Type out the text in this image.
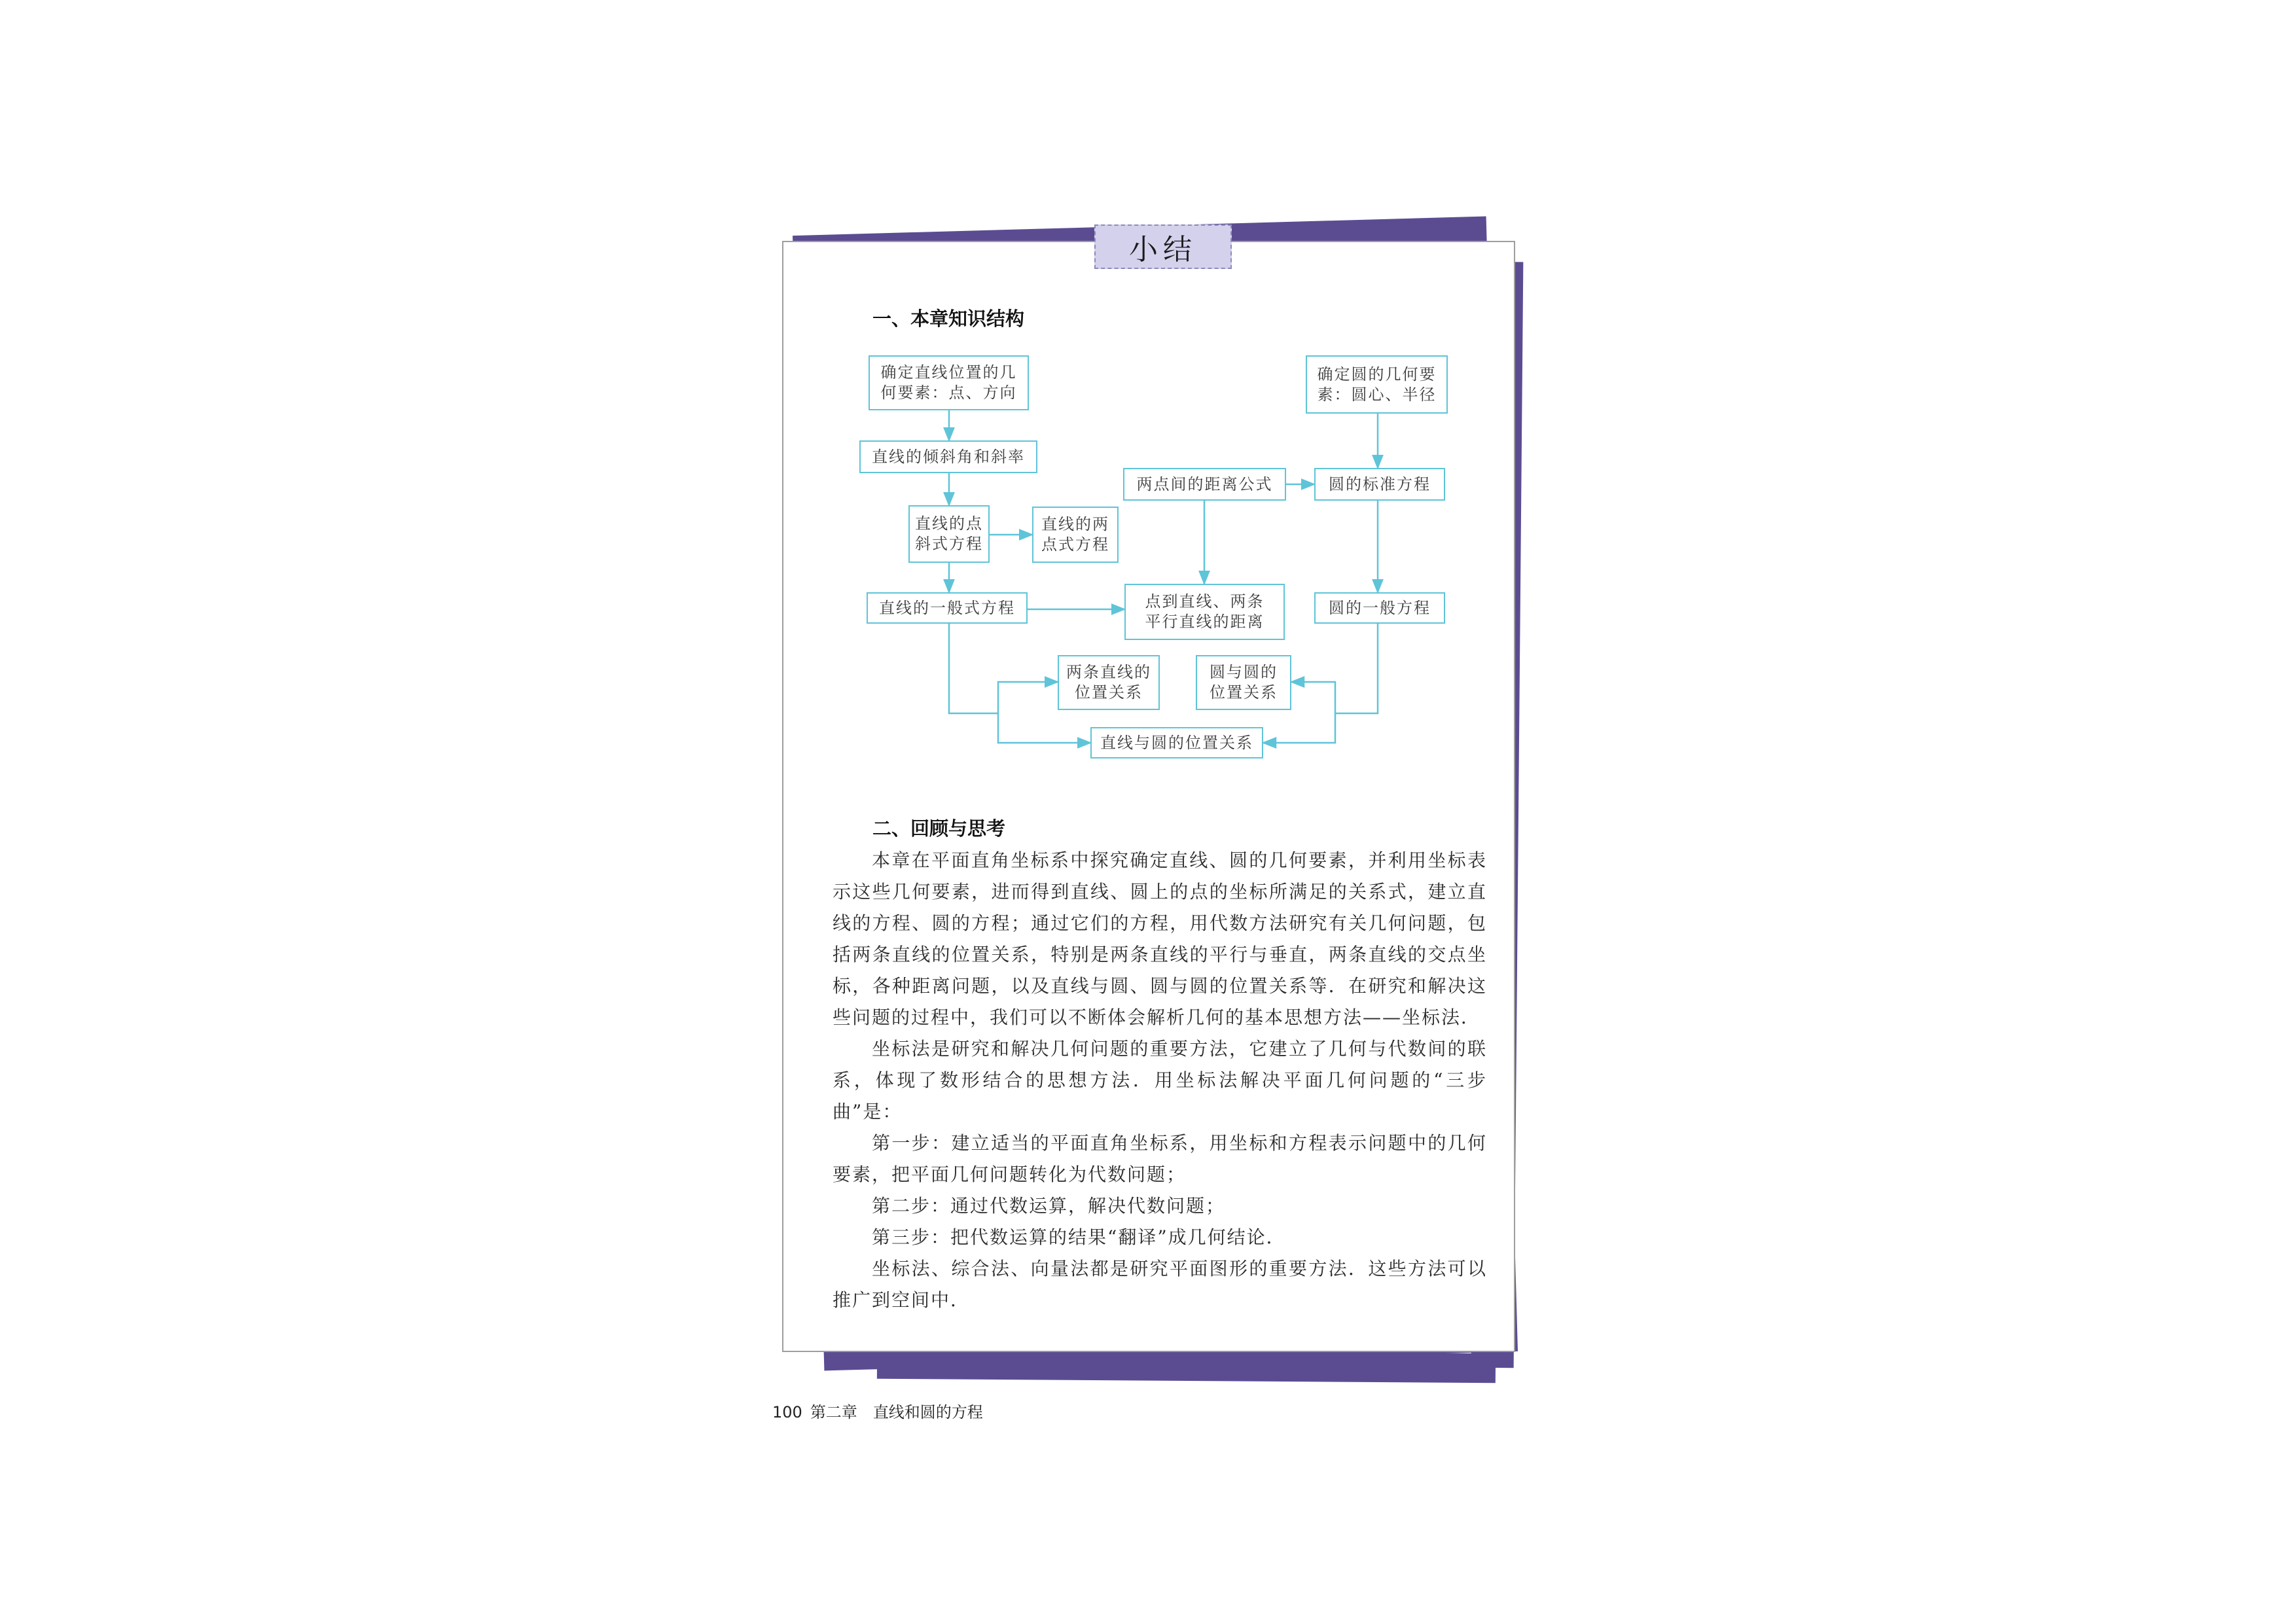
小结
一、本章知识结构
确定直线位置的几
何要素：点、方向
直线的倾斜角和斜率
直线的点
斜式方程
直线的两
点式方程
直线的一般式方程
两点间的距离公式
点到直线、两条
平行直线的距离
确定圆的几何要
素：圆心、半径
圆的标准方程
圆的一般方程
两条直线的
位置关系
圆与圆的
位置关系
直线与圆的位置关系
二、回顾与思考

本章在平面直角坐标系中探究确定直线、圆的几何要素，并利用坐标表示这些几何要素，进而得到直线、圆上的点的坐标所满足的关系式，建立直线的方程、圆的方程；通过它们的方程，用代数方法研究有关几何问题，包括两条直线的位置关系，特别是两条直线的平行与垂直，两条直线的交点坐标，各种距离问题，以及直线与圆、圆与圆的位置关系等．在研究和解决这些问题的过程中，我们可以不断体会解析几何的基本思想方法——坐标法．

坐标法是研究和解决几何问题的重要方法，它建立了几何与代数间的联系，体现了数形结合的思想方法．用坐标法解决平面几何问题的“三步曲”是：

第一步：建立适当的平面直角坐标系，用坐标和方程表示问题中的几何要素，把平面几何问题转化为代数问题；

第二步：通过代数运算，解决代数问题；

第三步：把代数运算的结果“翻译”成几何结论．

坐标法、综合法、向量法都是研究平面图形的重要方法．这些方法可以推广到空间中．

100 第二章 直线和圆的方程
